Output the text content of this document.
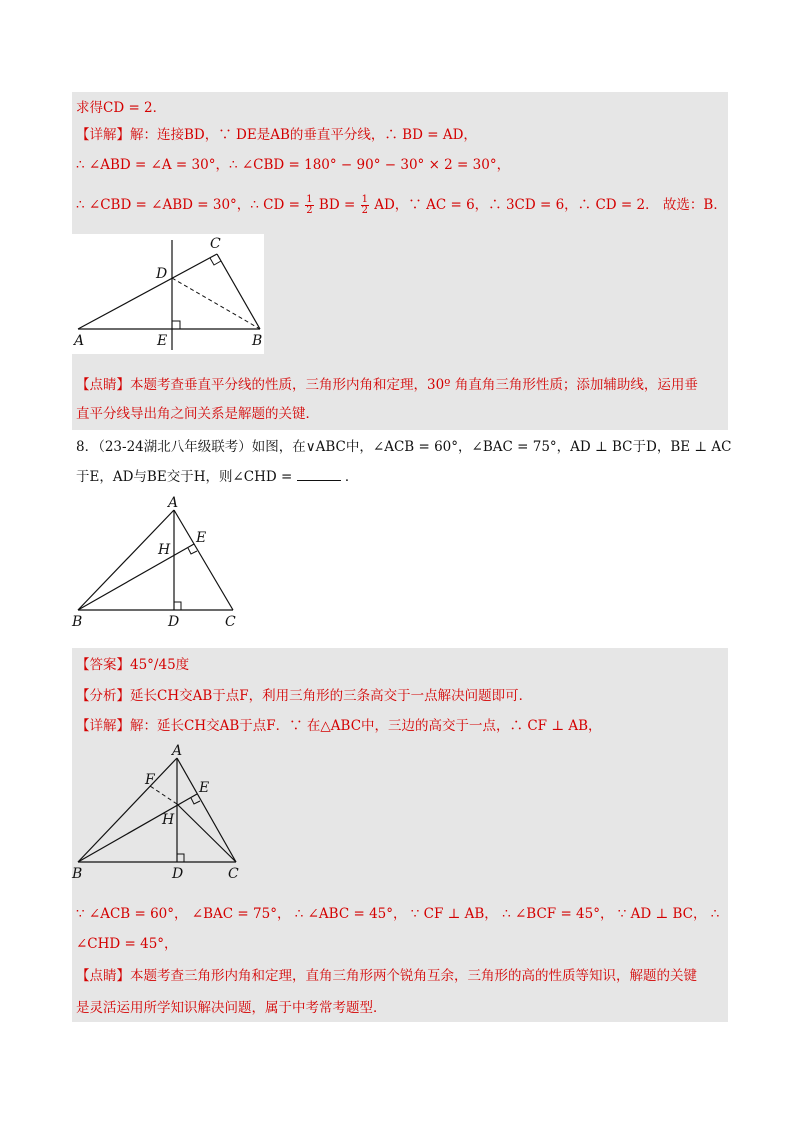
求得CD = 2．
【详解】解：连接BD，∵ DE是AB的垂直平分线，∴ BD = AD，
∴ ∠ABD = ∠A = 30°，∴ ∠CBD = 180° − 90° − 30° × 2 = 30°，
∴ ∠CBD = ∠ABD = 30°，∴ CD = $\frac{1}{2}$ BD = $\frac{1}{2}$ AD，∵ AC = 6，∴ 3CD = 6，∴ CD = 2． 故选：B．
A	E	B
C
D
【点睛】本题考查垂直平分线的性质，三角形内角和定理，30º 角直角三角形性质；添加辅助线，运用垂
直平分线导出角之间关系是解题的关键．
8．（23-24湖北八年级联考）如图，在∨ABC中，∠ACB = 60°，∠BAC = 75°，AD ⊥ BC于D，BE ⊥ AC
于E，AD与BE交于H，则∠CHD =	．
A
H
E
B	D	C
【答案】45°/45度
【分析】延长CH交AB于点F，利用三角形的三条高交于一点解决问题即可．
【详解】解：延长CH交AB于点F．∵ 在△ABC中，三边的高交于一点，∴ CF ⊥ AB，
A
F	E
H
B	D	C
∵ ∠ACB = 60°， ∠BAC = 75°， ∴ ∠ABC = 45°， ∵ CF ⊥ AB， ∴ ∠BCF = 45°， ∵ AD ⊥ BC， ∴
∠CHD = 45°，
【点睛】本题考查三角形内角和定理，直角三角形两个锐角互余，三角形的高的性质等知识，解题的关键
是灵活运用所学知识解决问题，属于中考常考题型．
